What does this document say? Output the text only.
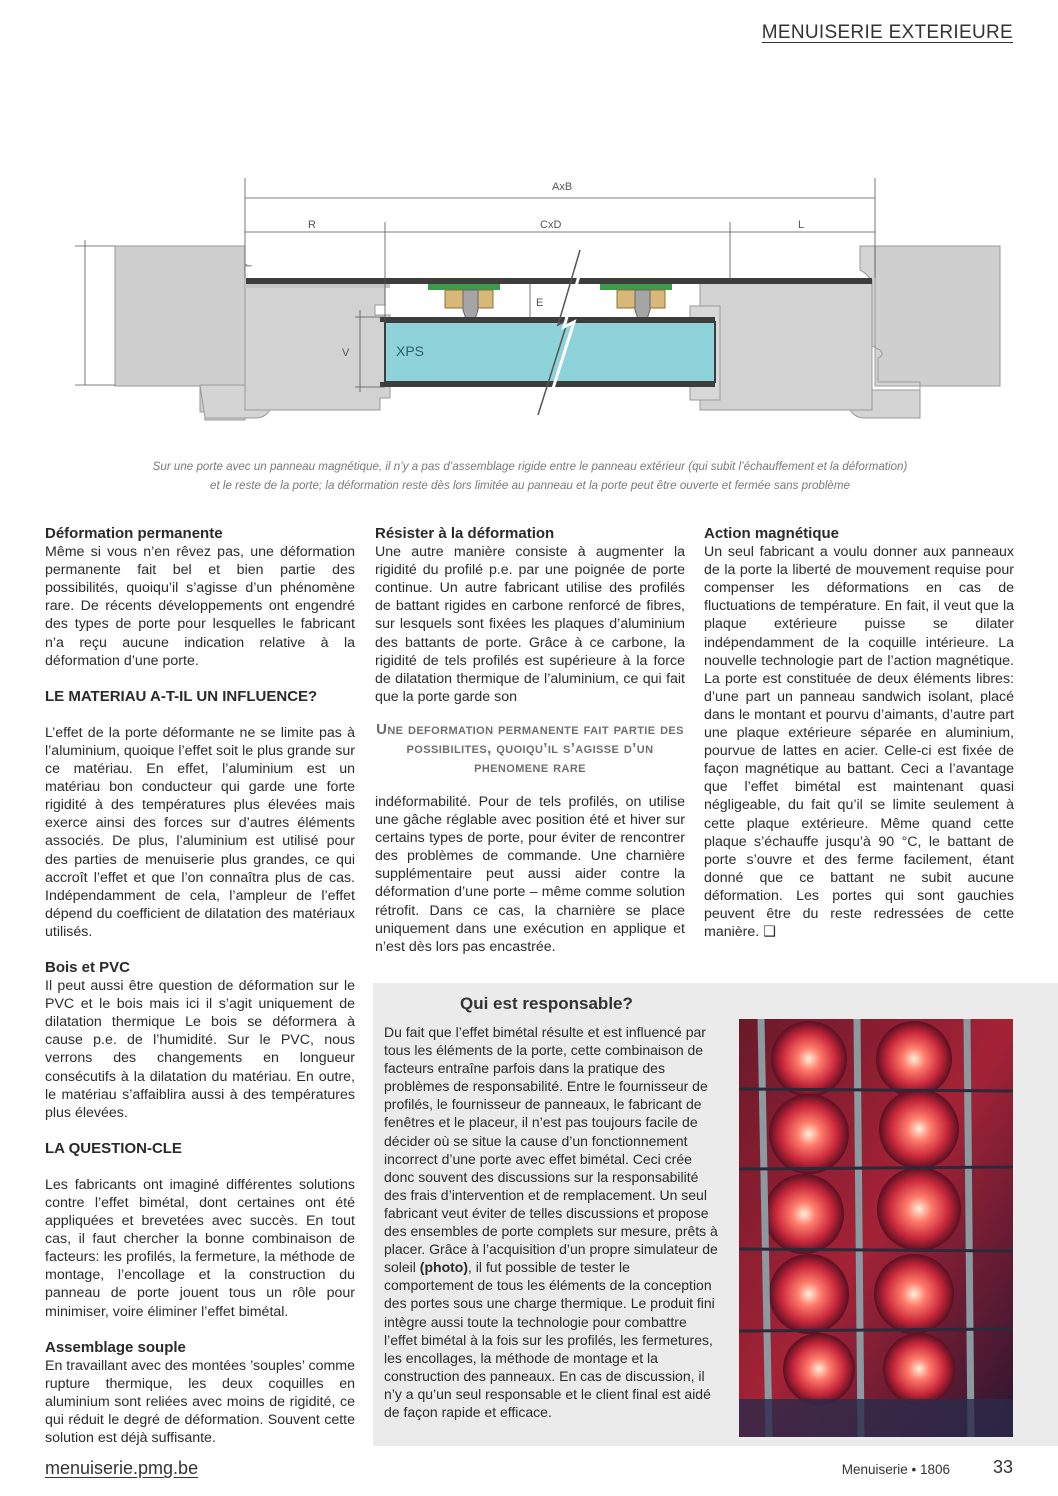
MENUISERIE EXTERIEURE
AxB
R	CxD	L
E
V	XPS
Sur une porte avec un panneau magnétique, il n’y a pas d’assemblage rigide entre le panneau extérieur (qui subit l’échauffement et la déformation)
et le reste de la porte; la déformation reste dès lors limitée au panneau et la porte peut être ouverte et fermée sans problème

Déformation permanente

Même si vous n’en rêvez pas, une déformation permanente fait bel et bien partie des possibilités, quoiqu’il s’agisse d’un phénomène rare. De récents développements ont engendré des types de porte pour lesquelles le fabricant n’a reçu aucune indication relative à la déformation d’une porte.

LE MATERIAU A-T-IL UN INFLUENCE?

L’effet de la porte déformante ne se limite pas à l’aluminium, quoique l’effet soit le plus grande sur ce matériau. En effet, l’aluminium est un matériau bon conducteur qui garde une forte rigidité à des températures plus élevées mais exerce ainsi des forces sur d’autres éléments associés. De plus, l’aluminium est utilisé pour des parties de menuiserie plus grandes, ce qui accroît l’effet et que l’on connaîtra plus de cas. Indépendamment de cela, l’ampleur de l’effet dépend du coefficient de dilatation des matériaux utilisés.

Bois et PVC

Il peut aussi être question de déformation sur le PVC et le bois mais ici il s’agit uniquement de dilatation thermique Le bois se déformera à cause p.e. de l’humidité. Sur le PVC, nous verrons des changements en longueur consécutifs à la dilatation du matériau. En outre, le matériau s’affaiblira aussi à des températures plus élevées.

LA QUESTION-CLE

Les fabricants ont imaginé différentes solutions contre l’effet bimétal, dont certaines ont été appliquées et brevetées avec succès. En tout cas, il faut chercher la bonne combinaison de facteurs: les profilés, la fermeture, la méthode de montage, l’encollage et la construction du panneau de porte jouent tous un rôle pour minimiser, voire éliminer l’effet bimétal.

Assemblage souple

En travaillant avec des montées ’souples’ comme rupture thermique, les deux coquilles en aluminium sont reliées avec moins de rigidité, ce qui réduit le degré de déformation. Souvent cette solution est déjà suffisante.

Résister à la déformation

Une autre manière consiste à augmenter la rigidité du profilé p.e. par une poignée de porte continue. Un autre fabricant utilise des profilés de battant rigides en carbone renforcé de fibres, sur lesquels sont fixées les plaques d’aluminium des battants de porte. Grâce à ce carbone, la rigidité de tels profilés est supérieure à la force de dilatation thermique de l’aluminium, ce qui fait que la porte garde son

Une deformation permanente fait partie des possibilites, quoiqu’il s’agisse d’un phenomene rare

indéformabilité. Pour de tels profilés, on utilise une gâche réglable avec position été et hiver sur certains types de porte, pour éviter de rencontrer des problèmes de commande. Une charnière supplémentaire peut aussi aider contre la déformation d’une porte – même comme solution rétrofit. Dans ce cas, la charnière se place uniquement dans une exécution en applique et n’est dès lors pas encastrée.

Action magnétique

Un seul fabricant a voulu donner aux panneaux de la porte la liberté de mouvement requise pour compenser les déformations en cas de fluctuations de température. En fait, il veut que la plaque extérieure puisse se dilater indépendamment de la coquille intérieure. La nouvelle technologie part de l’action magnétique. La porte est constituée de deux éléments libres: d’une part un panneau sandwich isolant, placé dans le montant et pourvu d’aimants, d’autre part une plaque extérieure séparée en aluminium, pourvue de lattes en acier. Celle-ci est fixée de façon magnétique au battant. Ceci a l’avantage que l’effet bimétal est maintenant quasi négligeable, du fait qu’il se limite seulement à cette plaque extérieure. Même quand cette plaque s’échauffe jusqu’à 90 °C, le battant de porte s’ouvre et des ferme facilement, étant donné que ce battant ne subit aucune déformation. Les portes qui sont gauchies peuvent être du reste redressées de cette manière. ❑

Qui est responsable?
Du fait que l’effet bimétal résulte et est influencé par tous les éléments de la porte, cette combinaison de facteurs entraîne parfois dans la pratique des problèmes de responsabilité. Entre le fournisseur de profilés, le fournisseur de panneaux, le fabricant de fenêtres et le placeur, il n’est pas toujours facile de décider où se situe la cause d’un fonctionnement incorrect d’une porte avec effet bimétal. Ceci crée donc souvent des discussions sur la responsabilité des frais d’intervention et de remplacement. Un seul fabricant veut éviter de telles discussions et propose des ensembles de porte complets sur mesure, prêts à placer. Grâce à l’acquisition d’un propre simulateur de soleil (photo), il fut possible de tester le comportement de tous les éléments de la conception des portes sous une charge thermique. Le produit fini intègre aussi toute la technologie pour combattre l’effet bimétal à la fois sur les profilés, les fermetures, les encollages, la méthode de montage et la construction des panneaux. En cas de discussion, il n’y a qu’un seul responsable et le client final est aidé de façon rapide et efficace.
menuiserie.pmg.be	Menuiserie • 1806 33
